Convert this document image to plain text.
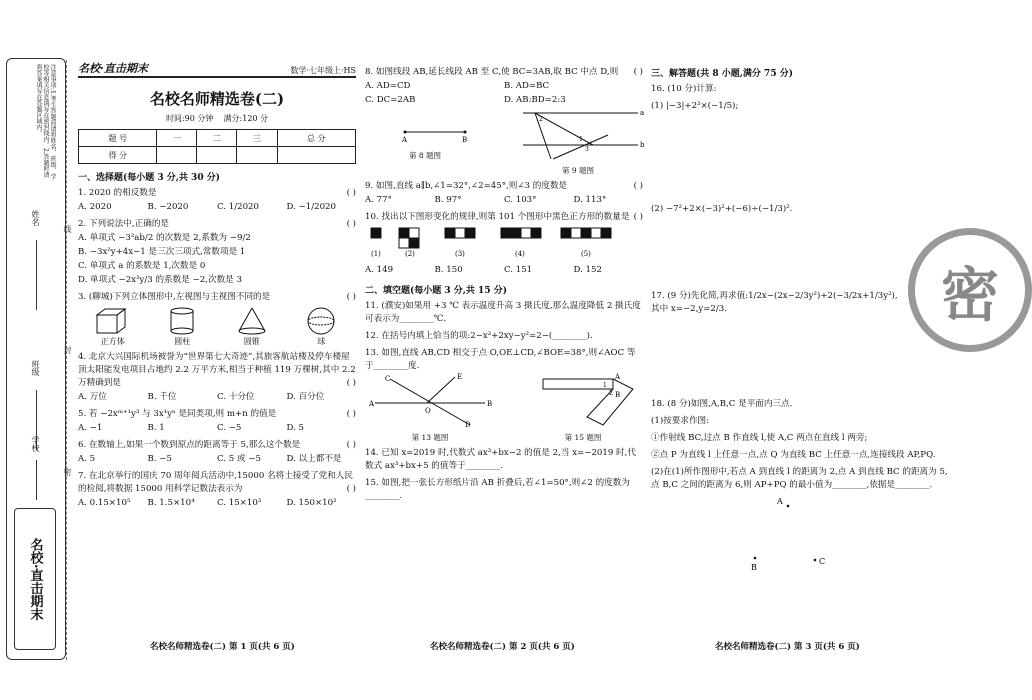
注意事项:1.考生答题前请将姓名、班级、学校等相关信息填写在密封线内。2.答题时请将答案填写在答题区域内。
姓名
班级
学校
名校·直击期末
线
封
密
名校·直击期末	数学·七年级上·HS
名校名师精选卷(二)
时间:90 分钟 满分:120 分
题 号	一	二	三	总 分
得 分				
一、选择题(每小题 3 分,共 30 分)
1. 2020 的相反数是	( )
A. 2020	B. −2020	C. 1/2020	D. −1/2020
2. 下列说法中,正确的是	( )
A. 单项式 −3²ab/2 的次数是 2,系数为 −9/2
B. −3x²y+4x−1 是三次三项式,常数项是 1
C. 单项式 a 的系数是 1,次数是 0
D. 单项式 −2x²y/3 的系数是 −2,次数是 3
3. (聊城)下列立体图形中,左视图与主视图不同的是	( )
正方体	圆柱	圆锥	球
4. 北京大兴国际机场被誉为“世界第七大奇迹”,其旅客航站楼及停车楼屋顶太阳能发电项目占地约 2.2 万平方米,相当于种植 119 万棵树,其中 2.2 万精确到是	( )
A. 万位	B. 千位	C. 十分位	D. 百分位
5. 若 −2xᵐ⁺¹y³ 与 3x¹yⁿ 是同类项,则 m+n 的值是	( )
A. −1	B. 1	C. −5	D. 5
6. 在数轴上,如果一个数到原点的距离等于 5,那么这个数是	( )
A. 5	B. −5	C. 5 或 −5	D. 以上都不是
7. 在北京举行的国庆 70 周年阅兵活动中,15000 名将士接受了党和人民的检阅,将数据 15000 用科学记数法表示为	( )
A. 0.15×10⁵	B. 1.5×10⁴	C. 15×10³	D. 150×10²
8. 如图线段 AB,延长线段 AB 至 C,使 BC=3AB,取 BC 中点 D,则 ( )
A. AD=CD	B. AD=BC
C. DC=2AB	D. AB:BD=2:3
A	B
第 8 题图
a
b
2
1
3
第 9 题图
9. 如图,直线 a∥b,∠1=32°,∠2=45°,则∠3 的度数是	( )
A. 77°	B. 97°	C. 103°	D. 113°
10. 找出以下图形变化的规律,则第 101 个图形中黑色正方形的数量是 ( )
(1)	(2)	(3)	(4)	(5)
A. 149	B. 150	C. 151	D. 152
二、填空题(每小题 3 分,共 15 分)
11. (濮安)如果用 +3 ℃ 表示温度升高 3 摄氏度,那么温度降低 2 摄氏度可表示为________℃.
12. 在括号内填上恰当的项:2−x²+2xy−y²=2−(________).
13. 如图,直线 AB,CD 相交于点 O,OE⊥CD,∠BOE=38°,则∠AOC 等于________度.
A	B
C	E
O
D
第 13 题图
A
B
1
2
第 15 题图
14. 已知 x=2019 时,代数式 ax³+bx−2 的值是 2,当 x=−2019 时,代数式 ax³+bx+5 的值等于________.
15. 如图,把一张长方形纸片沿 AB 折叠后,若∠1=50°,则∠2 的度数为________.
三、解答题(共 8 小题,满分 75 分)
16. (10 分)计算:
(1) |−3|+2³×(−1/5);
(2) −7²+2×(−3)²+(−6)÷(−1/3)².
17. (9 分)先化简,再求值:1/2x−(2x−2/3y²)+2(−3/2x+1/3y²),其中 x=−2,y=2/3.
18. (8 分)如图,A,B,C 是平面内三点.
(1)按要求作图:
①作射线 BC,过点 B 作直线 l,使 A,C 两点在直线 l 两旁;
②点 P 为直线 l 上任意一点,点 Q 为直线 BC 上任意一点,连接线段 AP,PQ.
(2)在(1)所作图形中,若点 A 到直线 l 的距离为 2,点 A 到直线 BC 的距离为 5,点 B,C 之间的距离为 6,则 AP+PQ 的最小值为________,依据是________.
A
B
C
密
名校名师精选卷(二) 第 1 页(共 6 页)	名校名师精选卷(二) 第 2 页(共 6 页)	名校名师精选卷(二) 第 3 页(共 6 页)
